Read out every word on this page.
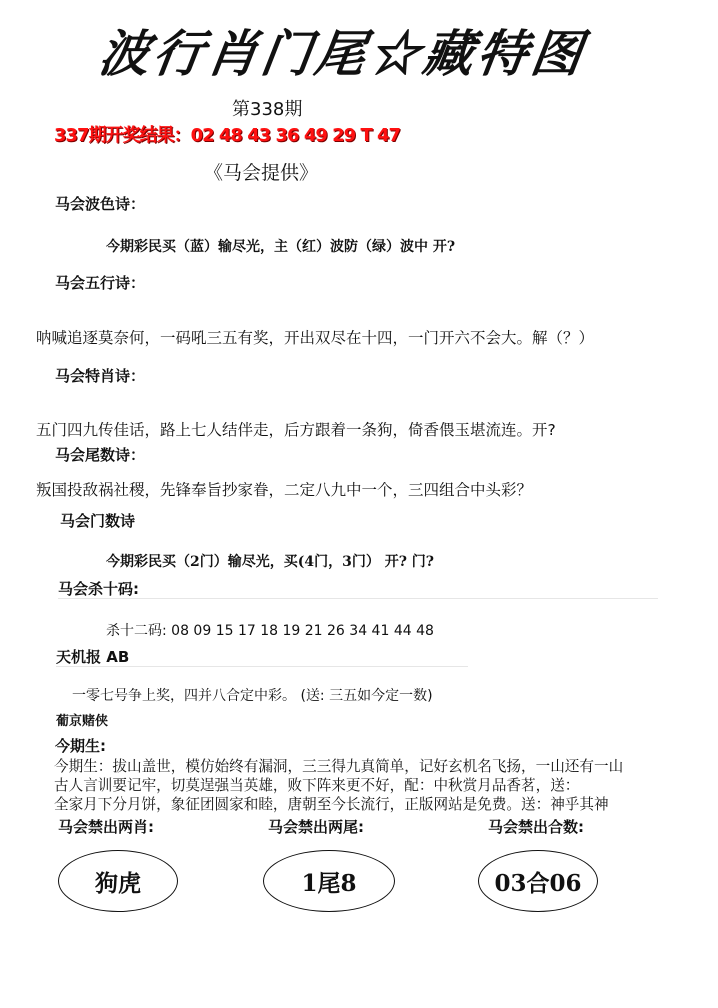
波行肖门尾☆藏特图
第338期
337期开奖结果：02 48 43 36 49 29 T 47
《马会提供》
马会波色诗：
今期彩民买（蓝）输尽光，主（红）波防（绿）波中 开?
马会五行诗：
呐喊追逐莫奈何，一码吼三五有奖，开出双尽在十四，一门开六不会大。解（？）
马会特肖诗：
五门四九传佳话，路上七人结伴走，后方跟着一条狗，倚香偎玉堪流连。开?
马会尾数诗：
叛国投敌祸社稷，先锋奉旨抄家眷，二定八九中一个，三四组合中头彩？
马会门数诗
今期彩民买（2门）输尽光，买(4门，3门） 开? 门?
马会杀十码:
杀十二码: 08 09 15 17 18 19 21 26 34 41 44 48
天机报 AB
一零七号争上奖，四并八合定中彩。 (送: 三五如今定一数)
葡京赌侠
今期生:
今期生：拔山盖世，模仿始终有漏洞，三三得九真简单，记好玄机名飞扬，一山还有一山
古人言训要记牢，切莫逞强当英雄，败下阵来更不好，配：中秋赏月品香茗，送：
全家月下分月饼，象征团圆家和睦，唐朝至今长流行，正版网站是免费。送：神乎其神
马会禁出两肖:	马会禁出两尾:	马会禁出合数:
狗虎	1尾8	03合06
